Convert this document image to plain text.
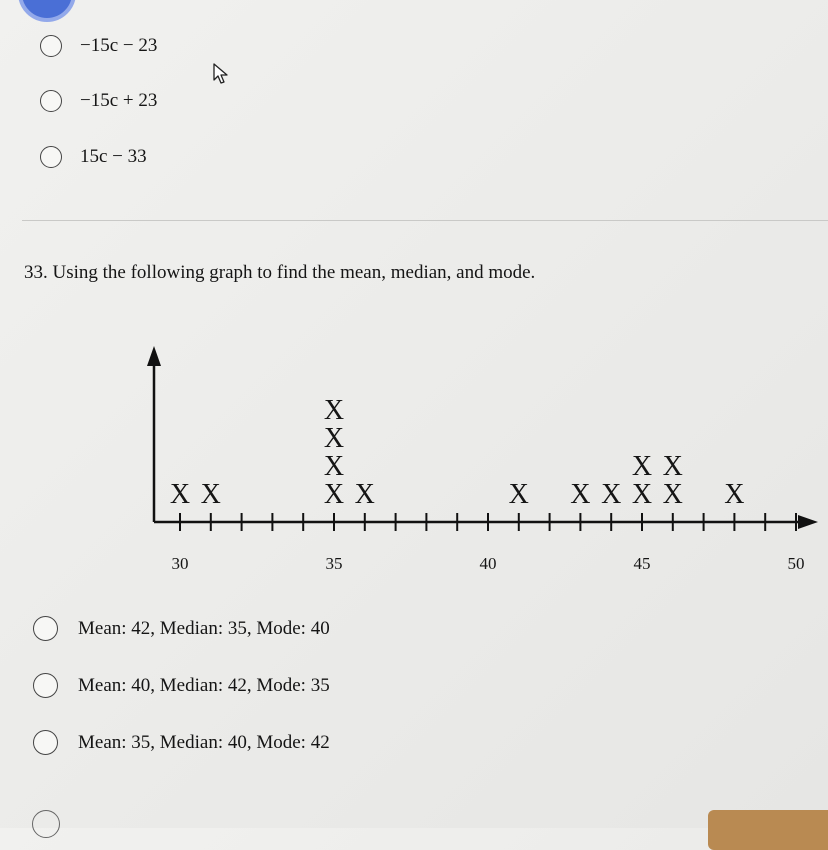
−15c − 23
−15c + 23
15c − 33
33. Using the following graph to find the mean, median, and mode.
30	35	40	45	50
X X	X
X
X
X
X	X X X X
X
X
X
X
Mean: 42, Median: 35, Mode: 40
Mean: 40, Median: 42, Mode: 35
Mean: 35, Median: 40, Mode: 42
